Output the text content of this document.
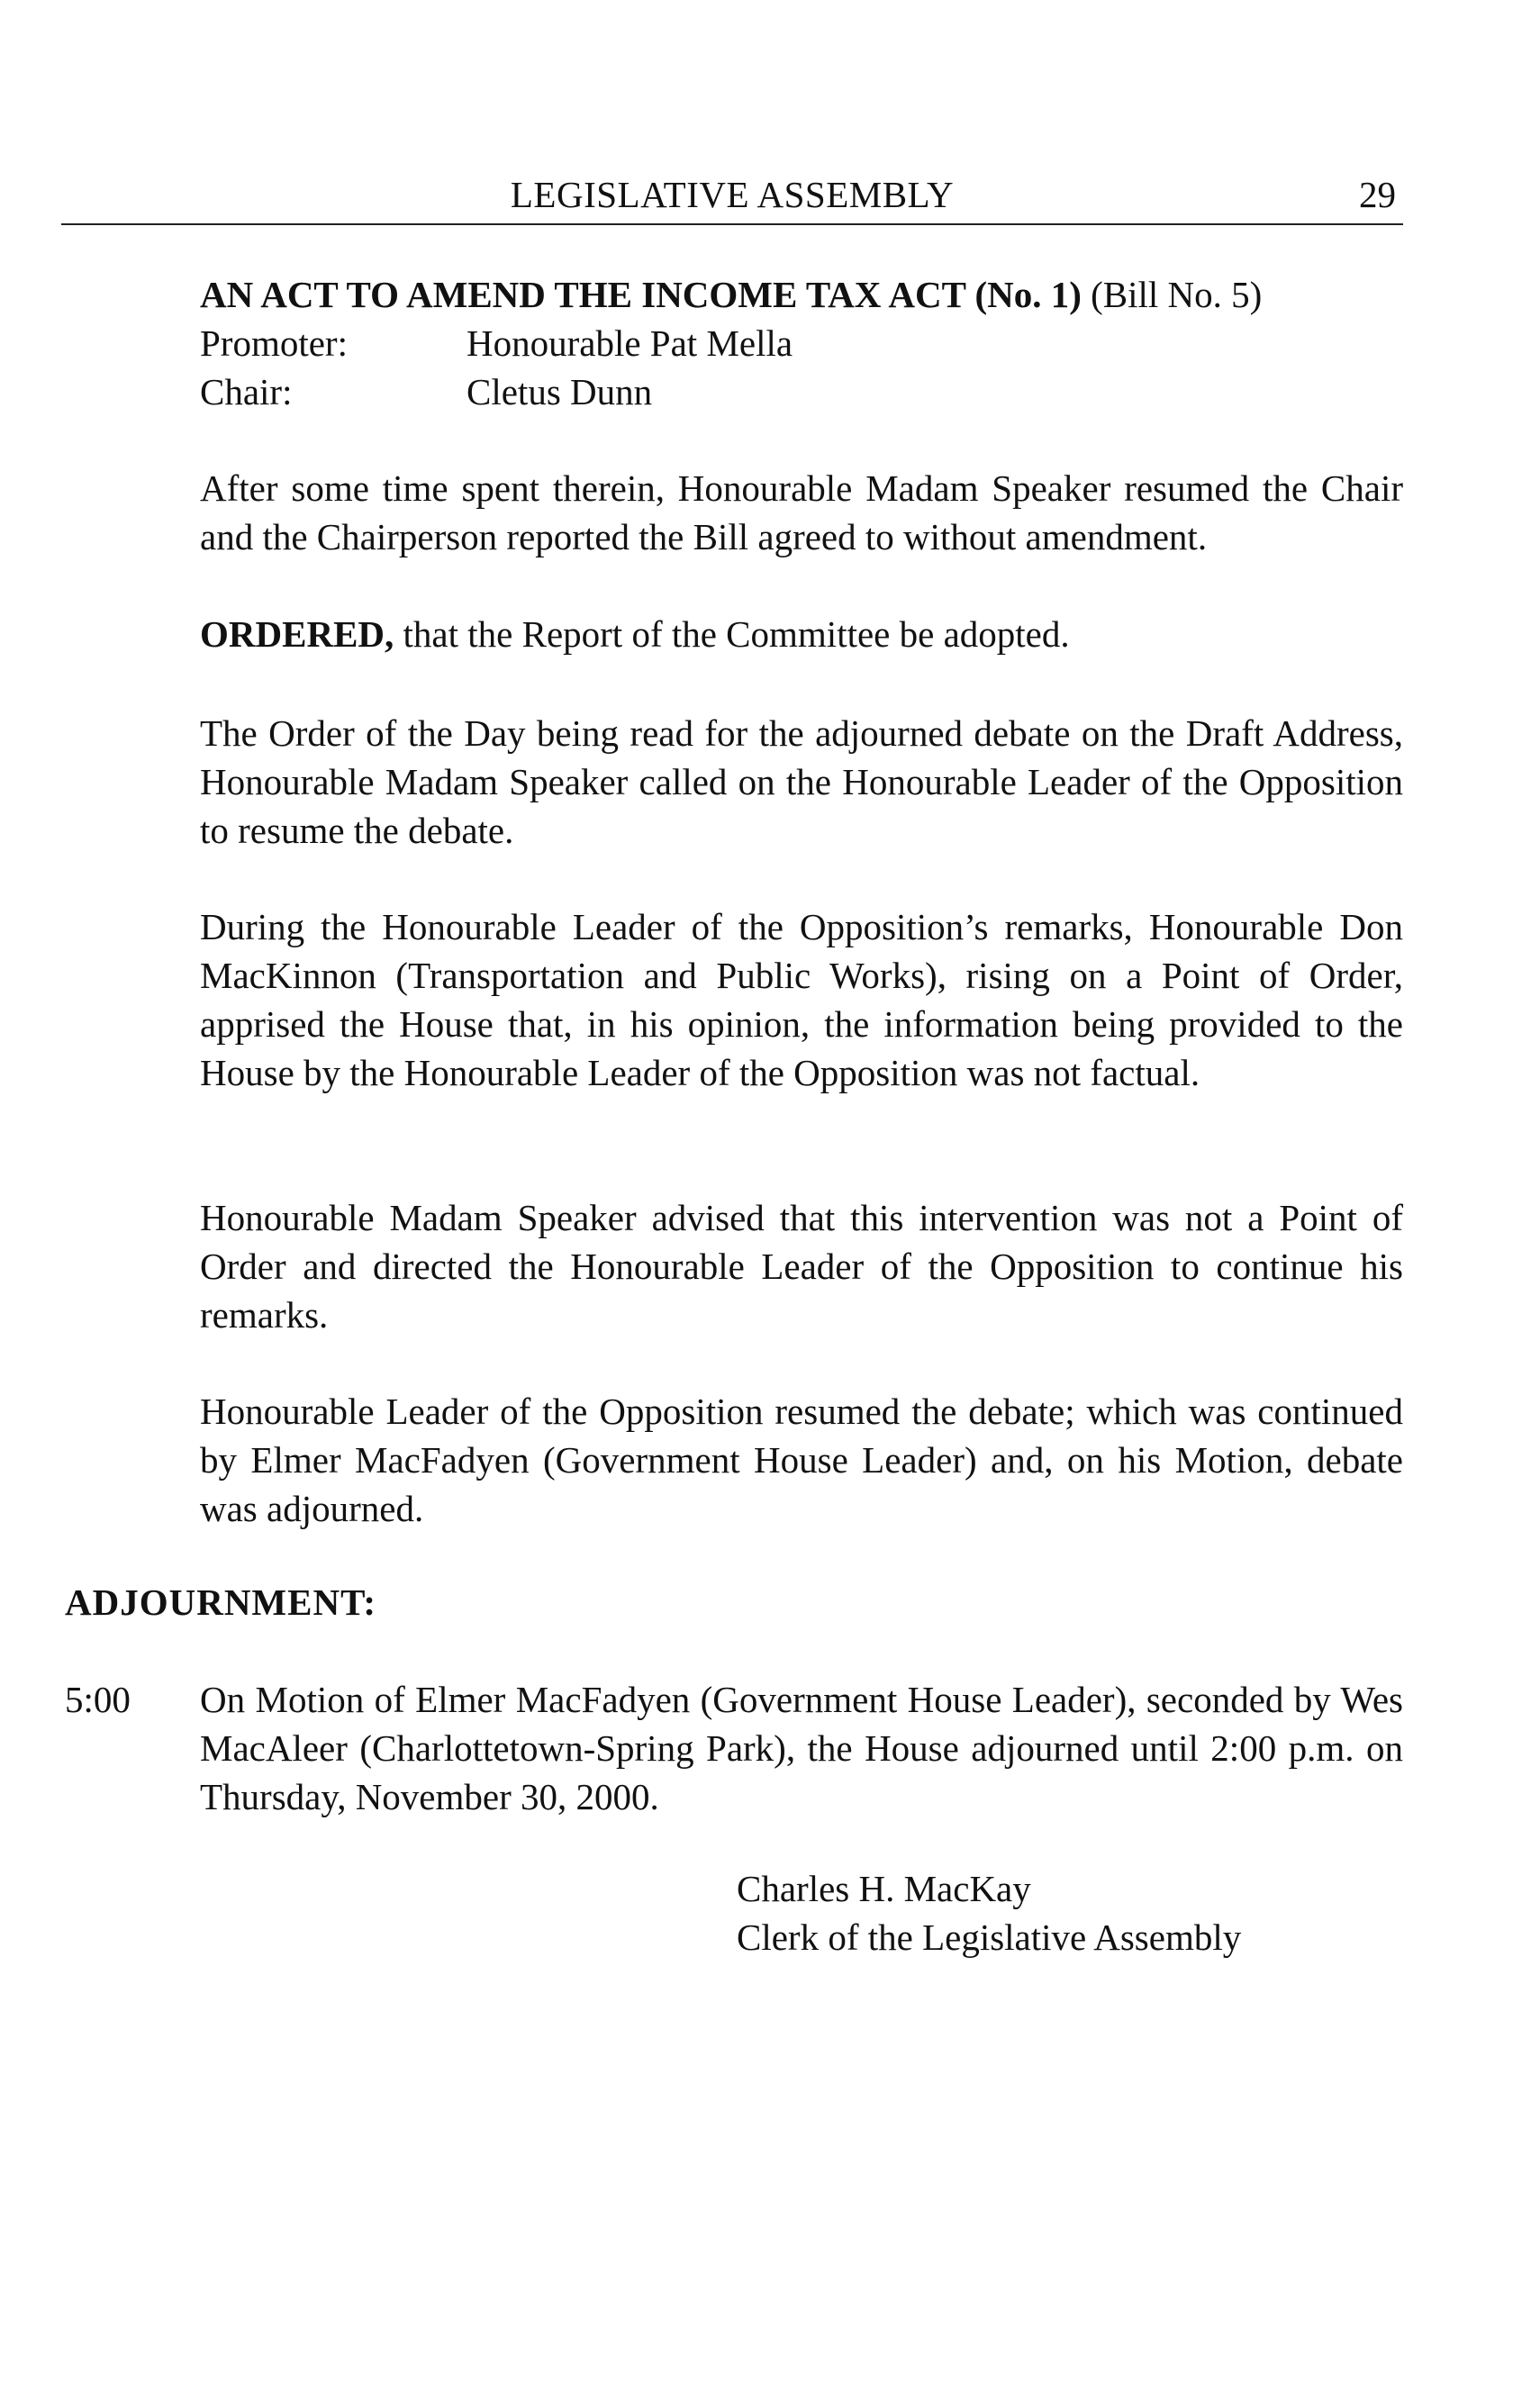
LEGISLATIVE ASSEMBLY	29
AN ACT TO AMEND THE INCOME TAX ACT (No. 1) (Bill No. 5)
Promoter:	Honourable Pat Mella
Chair:	Cletus Dunn

After some time spent therein, Honourable Madam Speaker resumed the Chair and the Chairperson reported the Bill agreed to without amendment.

ORDERED, that the Report of the Committee be adopted.

The Order of the Day being read for the adjourned debate on the Draft Address, Honourable Madam Speaker called on the Honourable Leader of the Opposition to resume the debate.

During the Honourable Leader of the Opposition’s remarks, Honourable Don MacKinnon (Transportation and Public Works), rising on a Point of Order, apprised the House that, in his opinion, the information being provided to the House by the Honourable Leader of the Opposition was not factual.

Honourable Madam Speaker advised that this intervention was not a Point of Order and directed the Honourable Leader of the Opposition to continue his remarks.

Honourable Leader of the Opposition resumed the debate; which was continued by Elmer MacFadyen (Government House Leader) and, on his Motion, debate was adjourned.

ADJOURNMENT:
5:00 On Motion of Elmer MacFadyen (Government House Leader), seconded by Wes MacAleer (Charlottetown-Spring Park), the House adjourned until 2:00 p.m. on Thursday, November 30, 2000.

Charles H. MacKay
Clerk of the Legislative Assembly
